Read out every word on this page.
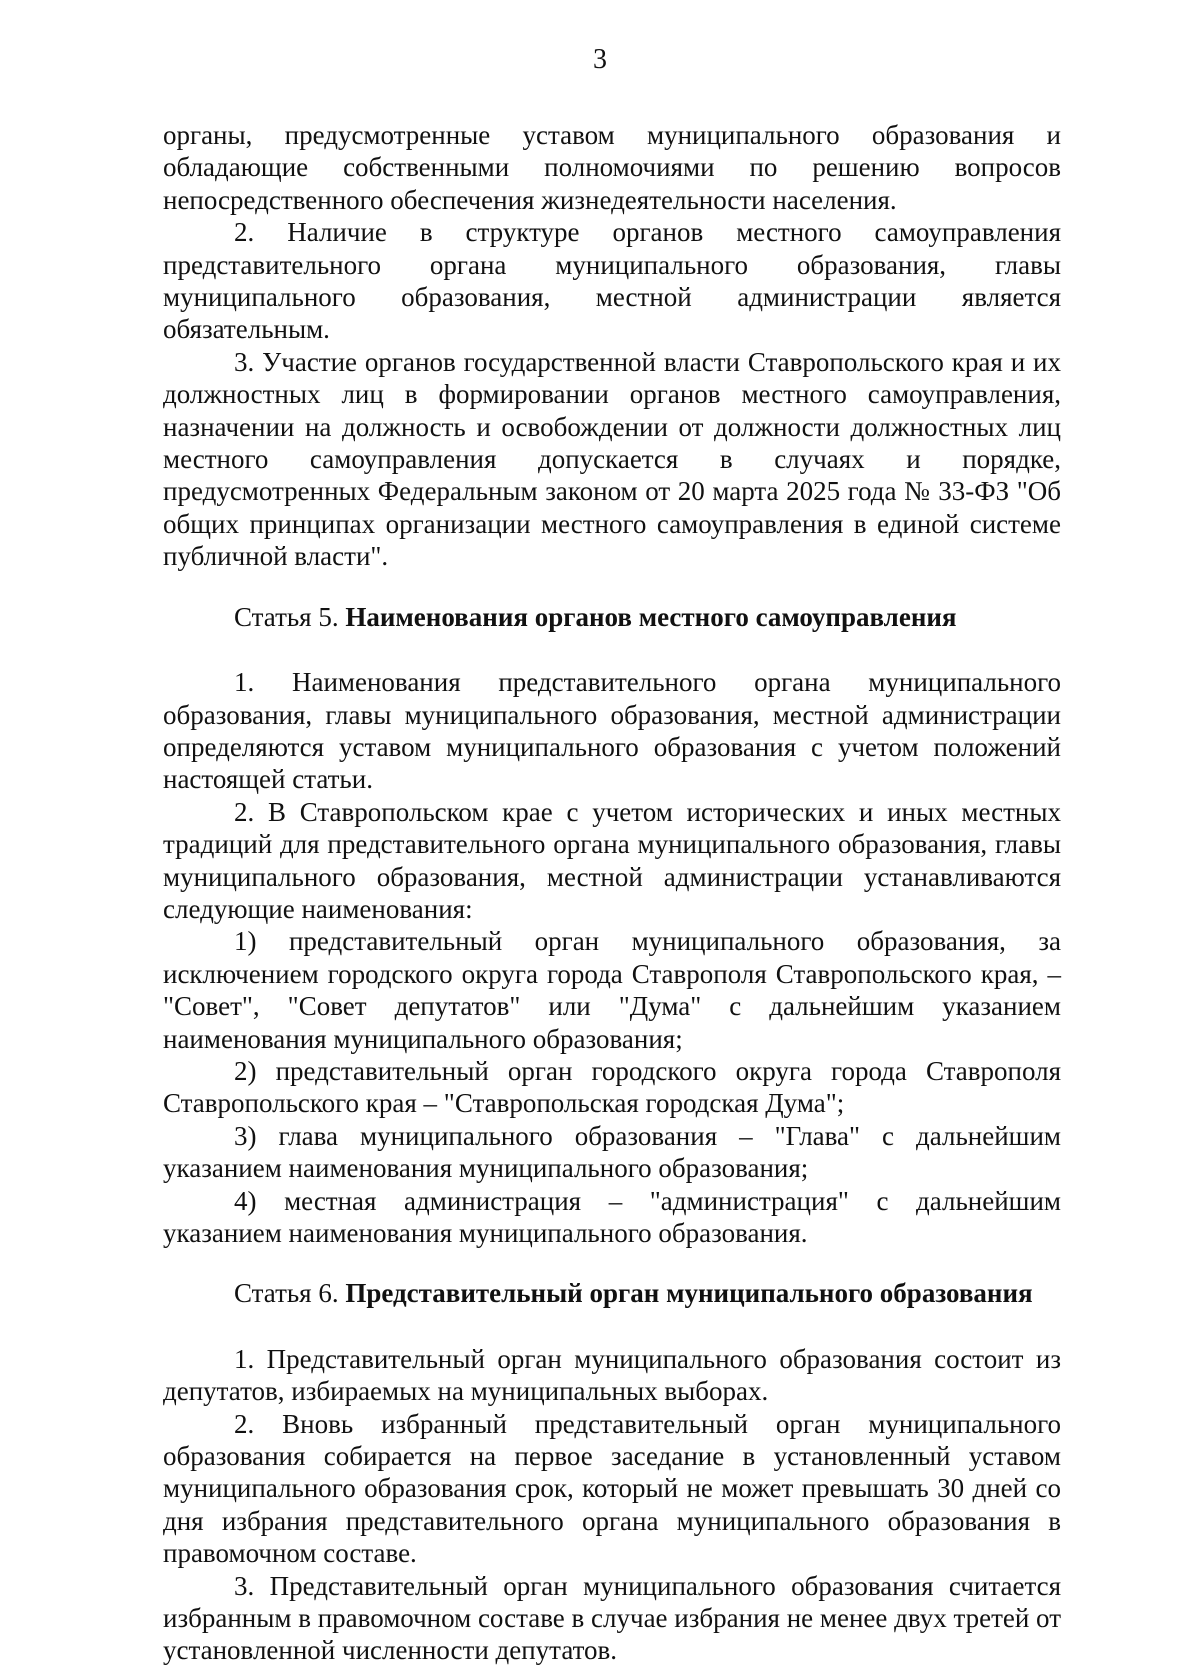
3

органы, предусмотренные уставом муниципального образования и обладающие собственными полномочиями по решению вопросов непосредственного обеспечения жизнедеятельности населения.

2. Наличие в структуре органов местного самоуправления представительного органа муниципального образования, главы муниципального образования, местной администрации является обязательным.

3. Участие органов государственной власти Ставропольского края и их должностных лиц в формировании органов местного самоуправления, назначении на должность и освобождении от должности должностных лиц местного самоуправления допускается в случаях и порядке, предусмотренных Федеральным законом от 20 марта 2025 года № 33-ФЗ "Об общих принципах организации местного самоуправления в единой системе публичной власти".

Статья 5. Наименования органов местного самоуправления

1. Наименования представительного органа муниципального образования, главы муниципального образования, местной администрации определяются уставом муниципального образования с учетом положений настоящей статьи.

2. В Ставропольском крае с учетом исторических и иных местных традиций для представительного органа муниципального образования, главы муниципального образования, местной администрации устанавливаются следующие наименования:

1) представительный орган муниципального образования, за исключением городского округа города Ставрополя Ставропольского края, – "Совет", "Совет депутатов" или "Дума" с дальнейшим указанием наименования муниципального образования;

2) представительный орган городского округа города Ставрополя Ставропольского края – "Ставропольская городская Дума";

3) глава муниципального образования – "Глава" с дальнейшим указанием наименования муниципального образования;

4) местная администрация – "администрация" с дальнейшим указанием наименования муниципального образования.

Статья 6. Представительный орган муниципального образования

1. Представительный орган муниципального образования состоит из депутатов, избираемых на муниципальных выборах.

2. Вновь избранный представительный орган муниципального образования собирается на первое заседание в установленный уставом муниципального образования срок, который не может превышать 30 дней со дня избрания представительного органа муниципального образования в правомочном составе.

3. Представительный орган муниципального образования считается избранным в правомочном составе в случае избрания не менее двух третей от установленной численности депутатов.
